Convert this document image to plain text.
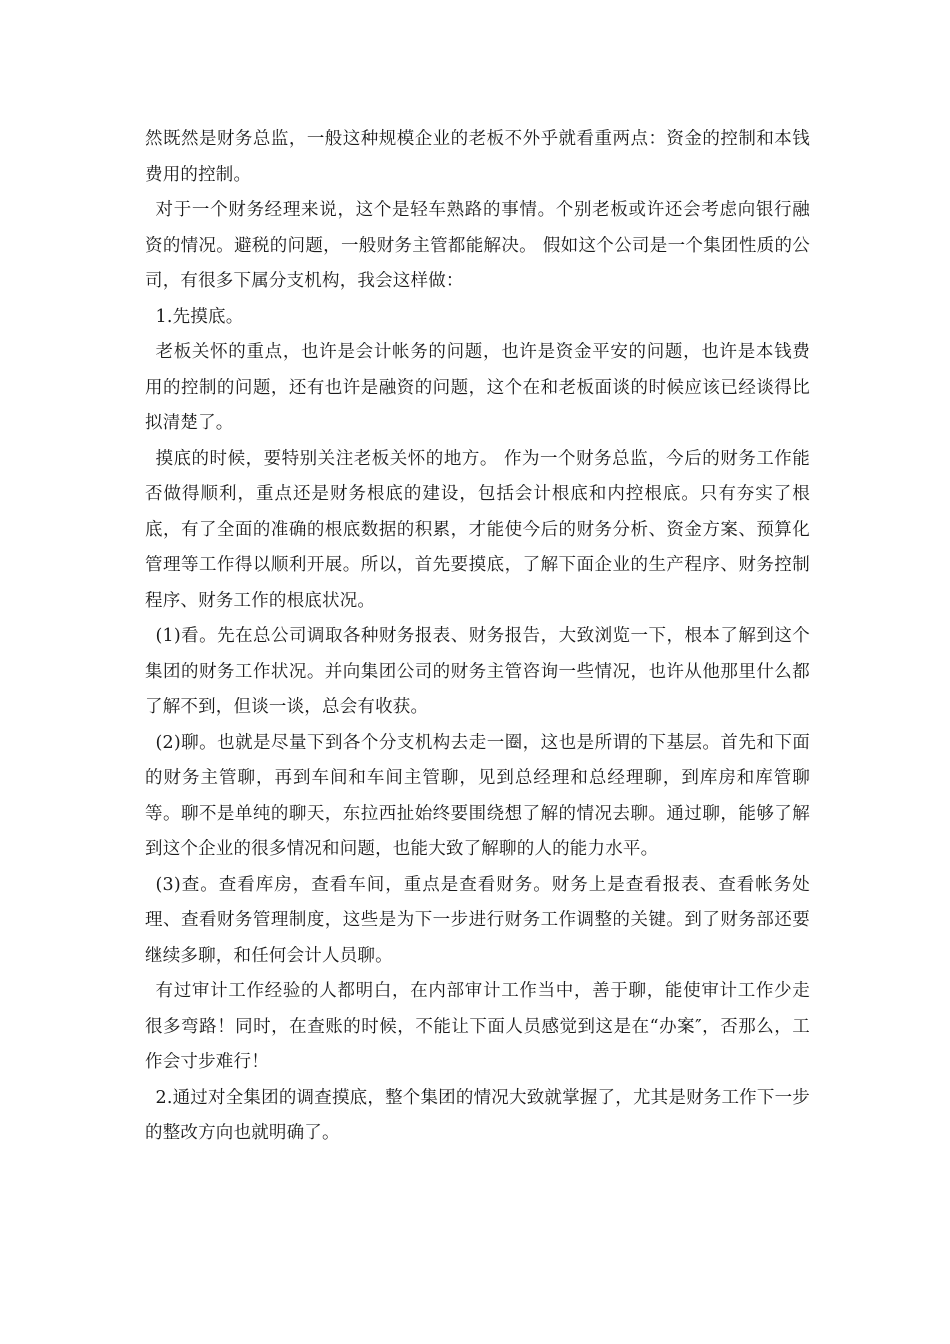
然既然是财务总监，一般这种规模企业的老板不外乎就看重两点：资金的控制和本钱费用的控制。

对于一个财务经理来说，这个是轻车熟路的事情。个别老板或许还会考虑向银行融资的情况。避税的问题，一般财务主管都能解决。 假如这个公司是一个集团性质的公司，有很多下属分支机构，我会这样做：

1.先摸底。

老板关怀的重点，也许是会计帐务的问题，也许是资金平安的问题，也许是本钱费用的控制的问题，还有也许是融资的问题，这个在和老板面谈的时候应该已经谈得比拟清楚了。

摸底的时候，要特别关注老板关怀的地方。 作为一个财务总监，今后的财务工作能否做得顺利，重点还是财务根底的建设，包括会计根底和内控根底。只有夯实了根底，有了全面的准确的根底数据的积累，才能使今后的财务分析、资金方案、预算化管理等工作得以顺利开展。所以，首先要摸底，了解下面企业的生产程序、财务控制程序、财务工作的根底状况。

(1)看。先在总公司调取各种财务报表、财务报告，大致浏览一下，根本了解到这个集团的财务工作状况。并向集团公司的财务主管咨询一些情况，也许从他那里什么都了解不到，但谈一谈，总会有收获。

(2)聊。也就是尽量下到各个分支机构去走一圈，这也是所谓的下基层。首先和下面的财务主管聊，再到车间和车间主管聊，见到总经理和总经理聊，到库房和库管聊等。聊不是单纯的聊天，东拉西扯始终要围绕想了解的情况去聊。通过聊，能够了解到这个企业的很多情况和问题，也能大致了解聊的人的能力水平。

(3)查。查看库房，查看车间，重点是查看财务。财务上是查看报表、查看帐务处理、查看财务管理制度，这些是为下一步进行财务工作调整的关键。到了财务部还要继续多聊，和任何会计人员聊。

有过审计工作经验的人都明白，在内部审计工作当中，善于聊，能使审计工作少走很多弯路！同时，在查账的时候，不能让下面人员感觉到这是在“办案″，否那么，工作会寸步难行！

2.通过对全集团的调查摸底，整个集团的情况大致就掌握了，尤其是财务工作下一步的整改方向也就明确了。
